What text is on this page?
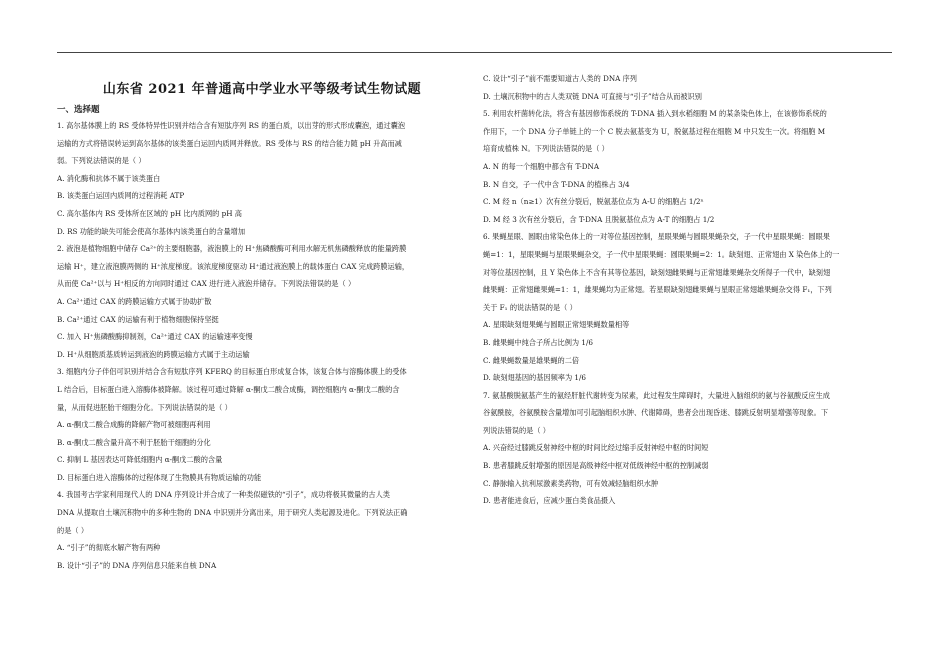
山东省 2021 年普通高中学业水平等级考试生物试题
一、选择题
1. 高尔基体膜上的 RS 受体特异性识别并结合含有短肽序列 RS 的蛋白质，以出芽的形式形成囊泡，通过囊泡
运输的方式将错误转运到高尔基体的该类蛋白运回内质网并释放。RS 受体与 RS 的结合能力随 pH 升高而减
弱。下列说法错误的是（ ）
A. 消化酶和抗体不属于该类蛋白
B. 该类蛋白运回内质网的过程消耗 ATP
C. 高尔基体内 RS 受体所在区域的 pH 比内质网的 pH 高
D. RS 功能的缺失可能会使高尔基体内该类蛋白的含量增加
2. 液泡是植物细胞中储存 Ca²⁺的主要细胞器，液泡膜上的 H⁺焦磷酸酶可利用水解无机焦磷酸释放的能量跨膜
运输 H⁺，建立液泡膜两侧的 H⁺浓度梯度。该浓度梯度驱动 H⁺通过液泡膜上的载体蛋白 CAX 完成跨膜运输，
从而使 Ca²⁺以与 H⁺相反的方向同时通过 CAX 进行进入液泡并储存。下列说法错误的是（ ）
A. Ca²⁺通过 CAX 的跨膜运输方式属于协助扩散
B. Ca²⁺通过 CAX 的运输有利于植物细胞保持坚挺
C. 加入 H⁺焦磷酸酶抑制剂，Ca²⁺通过 CAX 的运输速率变慢
D. H⁺从细胞质基质转运到液泡的跨膜运输方式属于主动运输
3. 细胞内分子伴侣可识别并结合含有短肽序列 KFERQ 的目标蛋白形成复合体，该复合体与溶酶体膜上的受体
L 结合后，目标蛋白进入溶酶体被降解。该过程可通过降解 α-酮戊二酸合成酶，调控细胞内 α-酮戊二酸的含
量，从而促进胚胎干细胞分化。下列说法错误的是（ ）
A. α-酮戊二酸合成酶的降解产物可被细胞再利用
B. α-酮戊二酸含量升高不利于胚胎干细胞的分化
C. 抑制 L 基因表达可降低细胞内 α-酮戊二酸的含量
D. 目标蛋白进入溶酶体的过程体现了生物膜具有物质运输的功能
4. 我国考古学家利用现代人的 DNA 序列设计并合成了一种类似磁铁的“引子”，成功将极其微量的古人类
DNA 从提取自土壤沉积物中的多种生物的 DNA 中识别并分离出来，用于研究人类起源及进化。下列说法正确
的是（ ）
A. “引子”的彻底水解产物有两种
B. 设计“引子”的 DNA 序列信息只能来自核 DNA
C. 设计“引子”前不需要知道古人类的 DNA 序列
D. 土壤沉积物中的古人类双链 DNA 可直接与“引子”结合从而被识别
5. 利用农杆菌转化法，将含有基因修饰系统的 T-DNA 插入到水稻细胞 M 的某条染色体上，在该修饰系统的
作用下，一个 DNA 分子单链上的一个 C 脱去氨基变为 U，脱氨基过程在细胞 M 中只发生一次。将细胞 M
培育成植株 N。下列说法错误的是（ ）
A. N 的每一个细胞中都含有 T-DNA
B. N 自交，子一代中含 T-DNA 的植株占 3/4
C. M 经 n（n≥1）次有丝分裂后，脱氨基位点为 A-U 的细胞占 1/2ⁿ
D. M 经 3 次有丝分裂后，含 T-DNA 且脱氨基位点为 A-T 的细胞占 1/2
6. 果蝇星眼、圆眼由常染色体上的一对等位基因控制，星眼果蝇与圆眼果蝇杂交，子一代中星眼果蝇：圆眼果
蝇=1：1，星眼果蝇与星眼果蝇杂交，子一代中星眼果蝇：圆眼果蝇=2：1。缺刻翅、正常翅由 X 染色体上的一
对等位基因控制，且 Y 染色体上不含有其等位基因，缺刻翅雌果蝇与正常翅雄果蝇杂交所得子一代中，缺刻翅
雌果蝇：正常翅雌果蝇=1：1，雄果蝇均为正常翅。若星眼缺刻翅雌果蝇与星眼正常翅雄果蝇杂交得 F₁，下列
关于 F₁ 的说法错误的是（ ）
A. 星眼缺刻翅果蝇与圆眼正常翅果蝇数量相等
B. 雌果蝇中纯合子所占比例为 1/6
C. 雌果蝇数量是雄果蝇的二倍
D. 缺刻翅基因的基因频率为 1/6
7. 氨基酸脱氨基产生的氨经肝脏代谢转变为尿素，此过程发生障碍时，大量进入脑组织的氨与谷氨酸反应生成
谷氨酰胺，谷氨酰胺含量增加可引起脑组织水肿、代谢障碍，患者会出现昏迷、膝跳反射明显增强等现象。下
列说法错误的是（ ）
A. 兴奋经过膝跳反射神经中枢的时间比经过缩手反射神经中枢的时间短
B. 患者膝跳反射增强的原因是高级神经中枢对低级神经中枢的控制减弱
C. 静脉输入抗利尿激素类药物，可有效减轻脑组织水肿
D. 患者能进食后，应减少蛋白类食品摄入
